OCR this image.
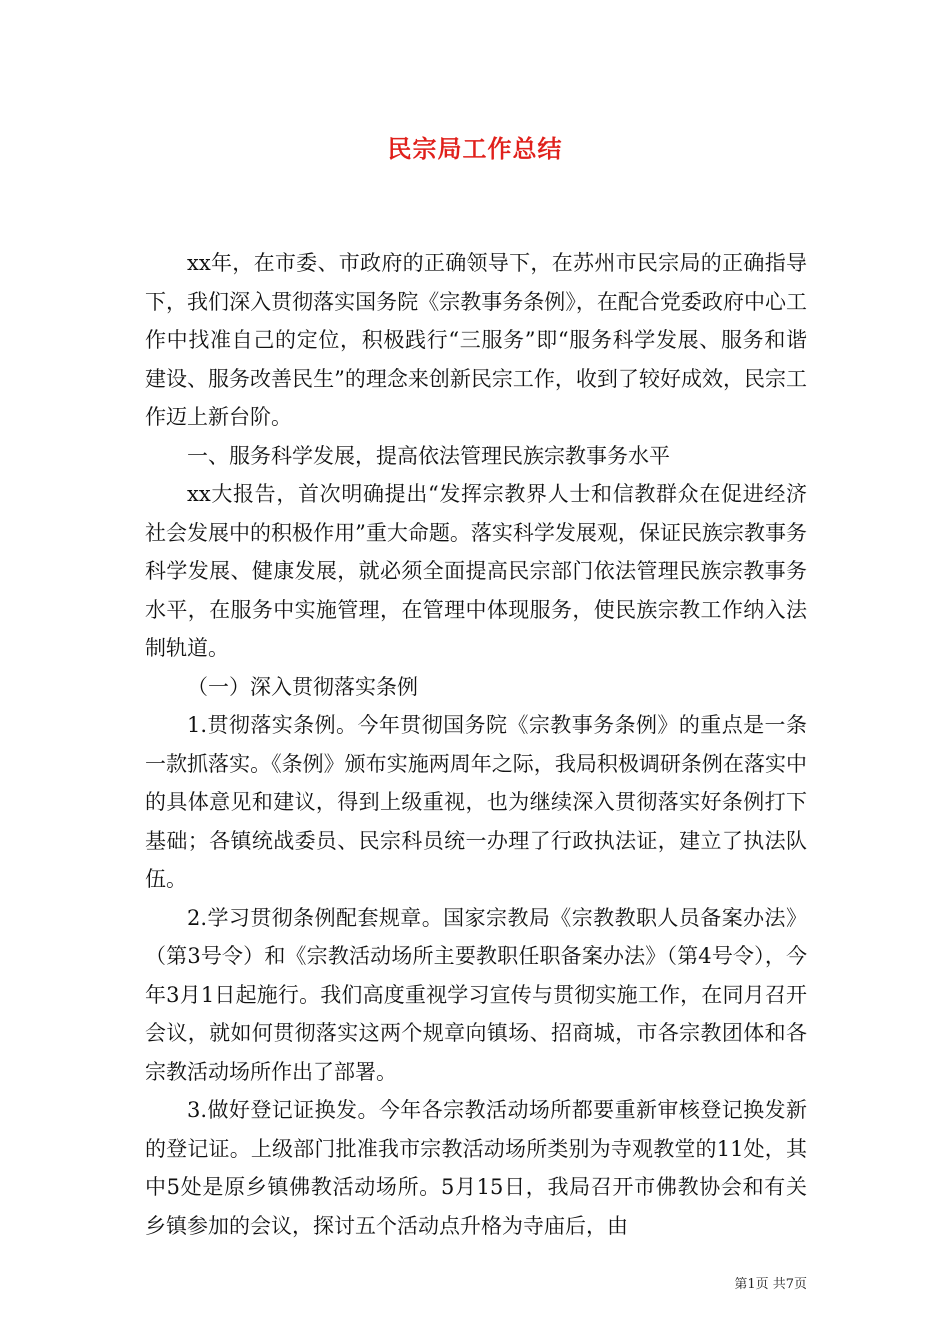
民宗局工作总结

xx年，在市委、市政府的正确领导下，在苏州市民宗局的正确指导下，我们深入贯彻落实国务院《宗教事务条例》，在配合党委政府中心工作中找准自己的定位，积极践行“三服务”即“服务科学发展、服务和谐建设、服务改善民生”的理念来创新民宗工作，收到了较好成效，民宗工作迈上新台阶。

一、服务科学发展，提高依法管理民族宗教事务水平

xx大报告，首次明确提出“发挥宗教界人士和信教群众在促进经济社会发展中的积极作用”重大命题。落实科学发展观，保证民族宗教事务科学发展、健康发展，就必须全面提高民宗部门依法管理民族宗教事务水平，在服务中实施管理，在管理中体现服务，使民族宗教工作纳入法制轨道。

（一）深入贯彻落实条例

1.贯彻落实条例。今年贯彻国务院《宗教事务条例》的重点是一条一款抓落实。《条例》颁布实施两周年之际，我局积极调研条例在落实中的具体意见和建议，得到上级重视，也为继续深入贯彻落实好条例打下基础；各镇统战委员、民宗科员统一办理了行政执法证，建立了执法队伍。

2.学习贯彻条例配套规章。国家宗教局《宗教教职人员备案办法》（第3号令）和《宗教活动场所主要教职任职备案办法》（第4号令），今年3月1日起施行。我们高度重视学习宣传与贯彻实施工作，在同月召开会议，就如何贯彻落实这两个规章向镇场、招商城，市各宗教团体和各宗教活动场所作出了部署。

3.做好登记证换发。今年各宗教活动场所都要重新审核登记换发新的登记证。上级部门批准我市宗教活动场所类别为寺观教堂的11处，其中5处是原乡镇佛教活动场所。5月15日，我局召开市佛教协会和有关乡镇参加的会议，探讨五个活动点升格为寺庙后，由

第1页 共7页
